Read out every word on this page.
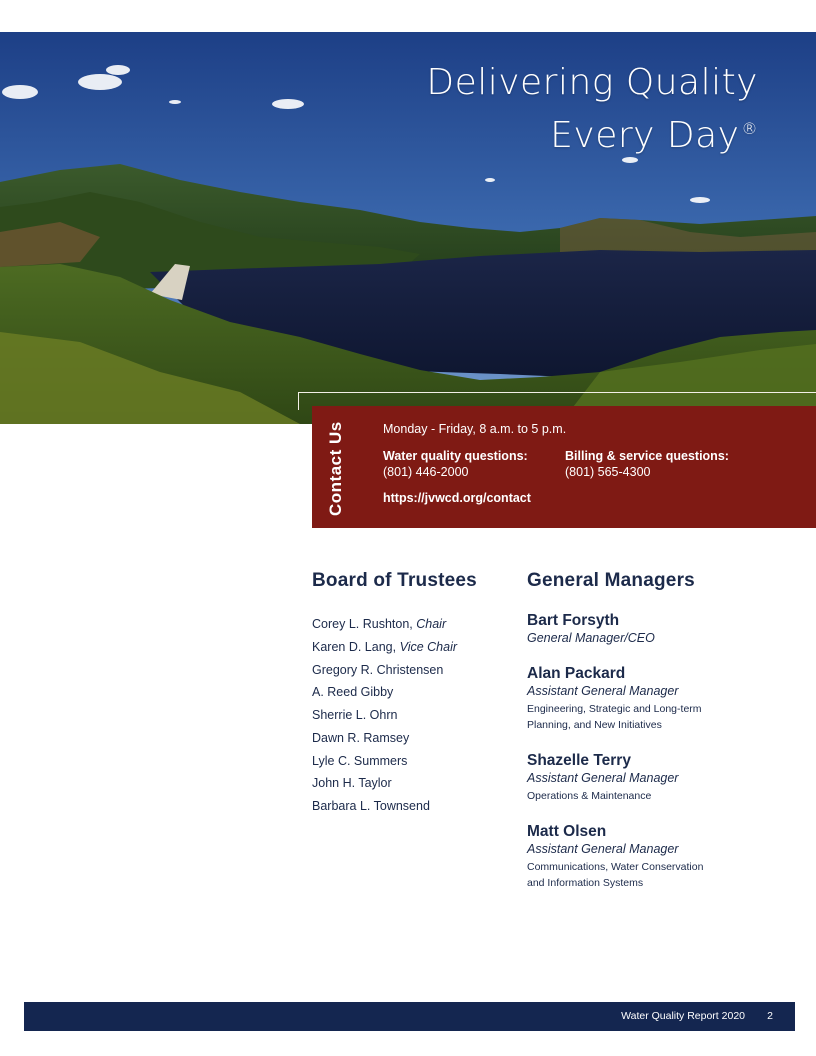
Delivering Quality
Every Day ®
Contact Us	Monday - Friday, 8 a.m. to 5 p.m.
Water quality questions:
(801) 446-2000
Billing & service questions:
(801) 565-4300
https://jvwcd.org/contact
Board of Trustees
Corey L. Rushton, Chair
Karen D. Lang, Vice Chair
Gregory R. Christensen
A. Reed Gibby
Sherrie L. Ohrn
Dawn R. Ramsey
Lyle C. Summers
John H. Taylor
Barbara L. Townsend
General Managers
Bart Forsyth
General Manager/CEO
Alan Packard
Assistant General Manager
Engineering, Strategic and Long-term
Planning, and New Initiatives
Shazelle Terry
Assistant General Manager
Operations & Maintenance
Matt Olsen
Assistant General Manager
Communications, Water Conservation
and Information Systems
Water Quality Report 2020 2
